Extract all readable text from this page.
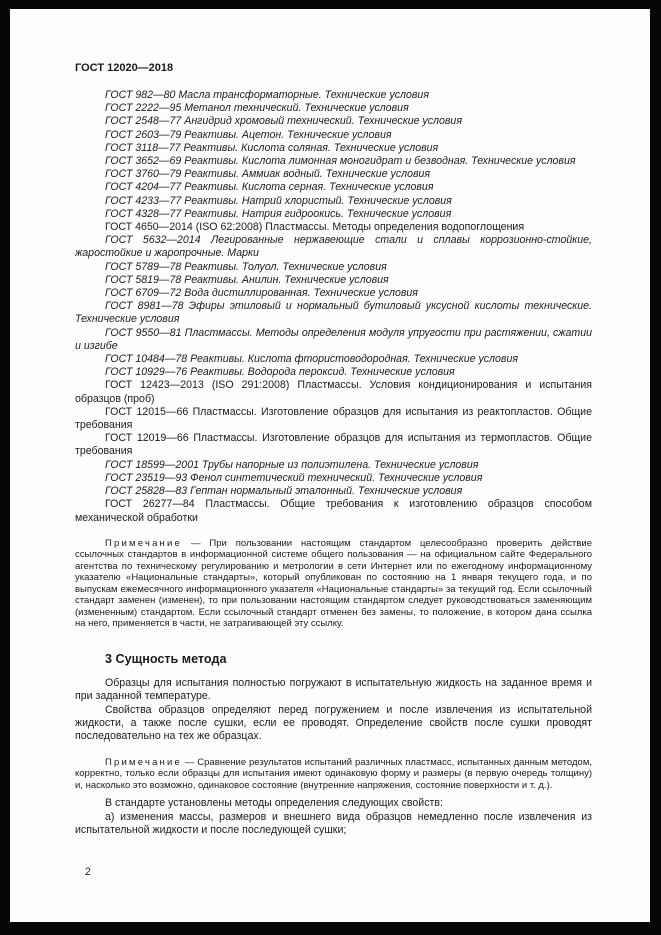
ГОСТ 12020—2018

ГОСТ 982—80 Масла трансформаторные. Технические условия

ГОСТ 2222—95 Метанол технический. Технические условия

ГОСТ 2548—77 Ангидрид хромовый технический. Технические условия

ГОСТ 2603—79 Реактивы. Ацетон. Технические условия

ГОСТ 3118—77 Реактивы. Кислота соляная. Технические условия

ГОСТ 3652—69 Реактивы. Кислота лимонная моногидрат и безводная. Технические условия

ГОСТ 3760—79 Реактивы. Аммиак водный. Технические условия

ГОСТ 4204—77 Реактивы. Кислота серная. Технические условия

ГОСТ 4233—77 Реактивы. Натрий хлористый. Технические условия

ГОСТ 4328—77 Реактивы. Натрия гидроокись. Технические условия

ГОСТ 4650—2014 (ISO 62:2008) Пластмассы. Методы определения водопоглощения

ГОСТ 5632—2014 Легированные нержавеющие стали и сплавы коррозионно-стойкие, жаростойкие и жаропрочные. Марки

ГОСТ 5789—78 Реактивы. Толуол. Технические условия

ГОСТ 5819—78 Реактивы. Анилин. Технические условия

ГОСТ 6709—72 Вода дистиллированная. Технические условия

ГОСТ 8981—78 Эфиры этиловый и нормальный бутиловый уксусной кислоты технические. Технические условия

ГОСТ 9550—81 Пластмассы. Методы определения модуля упругости при растяжении, сжатии и изгибе

ГОСТ 10484—78 Реактивы. Кислота фтористоводородная. Технические условия

ГОСТ 10929—76 Реактивы. Водорода пероксид. Технические условия

ГОСТ 12423—2013 (ISO 291:2008) Пластмассы. Условия кондиционирования и испытания образцов (проб)

ГОСТ 12015—66 Пластмассы. Изготовление образцов для испытания из реактопластов. Общие требования

ГОСТ 12019—66 Пластмассы. Изготовление образцов для испытания из термопластов. Общие требования

ГОСТ 18599—2001 Трубы напорные из полиэтилена. Технические условия

ГОСТ 23519—93 Фенол синтетический технический. Технические условия

ГОСТ 25828—83 Гептан нормальный эталонный. Технические условия

ГОСТ 26277—84 Пластмассы. Общие требования к изготовлению образцов способом механической обработки

Примечание — При пользовании настоящим стандартом целесообразно проверить действие ссылочных стандартов в информационной системе общего пользования — на официальном сайте Федерального агентства по техническому регулированию и метрологии в сети Интернет или по ежегодному информационному указателю «Национальные стандарты», который опубликован по состоянию на 1 января текущего года, и по выпускам ежемесячного информационного указателя «Национальные стандарты» за текущий год. Если ссылочный стандарт заменен (изменен), то при пользовании настоящим стандартом следует руководствоваться заменяющим (измененным) стандартом. Если ссылочный стандарт отменен без замены, то положение, в котором дана ссылка на него, применяется в части, не затрагивающей эту ссылку.

3 Сущность метода

Образцы для испытания полностью погружают в испытательную жидкость на заданное время и при заданной температуре.

Свойства образцов определяют перед погружением и после извлечения из испытательной жидкости, а также после сушки, если ее проводят. Определение свойств после сушки проводят последовательно на тех же образцах.

Примечание — Сравнение результатов испытаний различных пластмасс, испытанных данным методом, корректно, только если образцы для испытания имеют одинаковую форму и размеры (в первую очередь толщину) и, насколько это возможно, одинаковое состояние (внутренние напряжения, состояние поверхности и т. д.).

В стандарте установлены методы определения следующих свойств:

а) изменения массы, размеров и внешнего вида образцов немедленно после извлечения из испытательной жидкости и после последующей сушки;

2
